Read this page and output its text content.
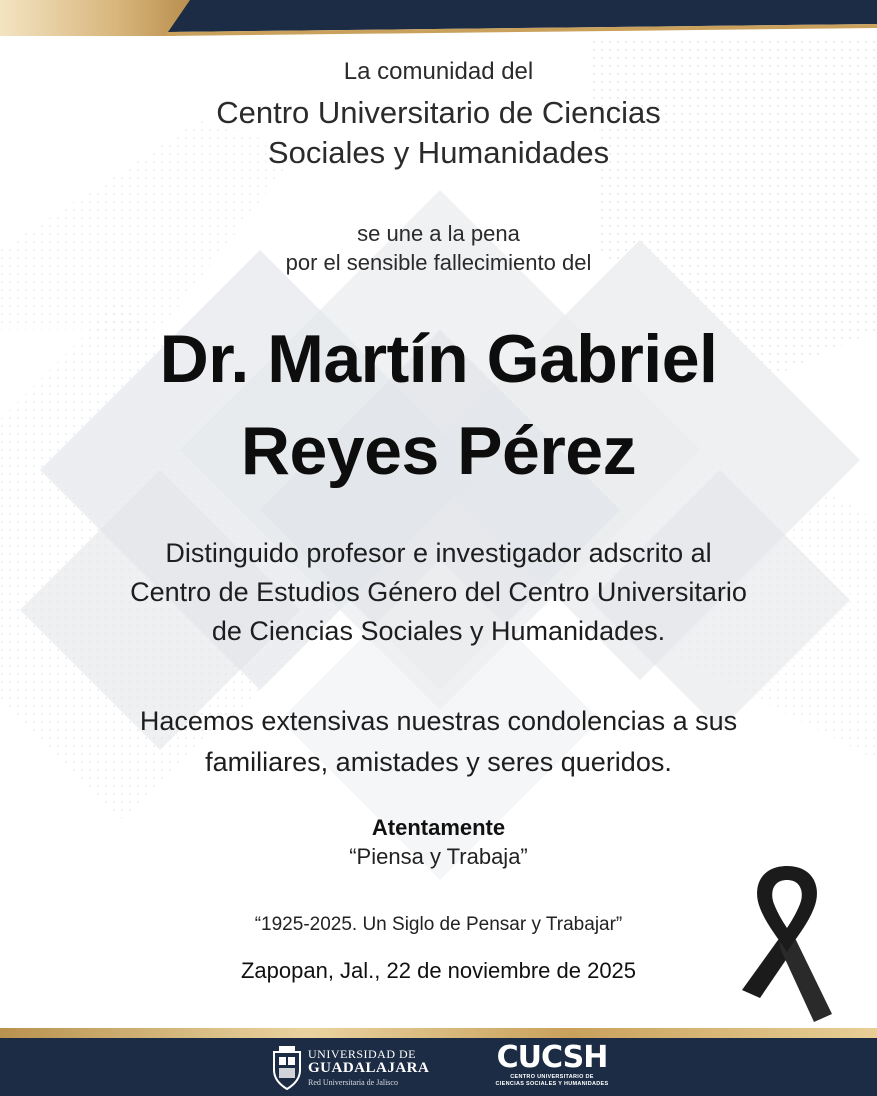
La comunidad del

Centro Universitario de Ciencias

Sociales y Humanidades

se une a la pena

por el sensible fallecimiento del

Dr. Martín Gabriel

Reyes Pérez

Distinguido profesor e investigador adscrito al

Centro de Estudios Género del Centro Universitario

de Ciencias Sociales y Humanidades.

Hacemos extensivas nuestras condolencias a sus

familiares, amistades y seres queridos.

Atentamente

“Piensa y Trabaja”

“1925-2025. Un Siglo de Pensar y Trabajar”

Zapopan, Jal., 22 de noviembre de 2025

UNIVERSIDAD DE
GUADALAJARA
Red Universitaria de Jalisco
CUCSH
CENTRO UNIVERSITARIO DE
CIENCIAS SOCIALES Y HUMANIDADES
